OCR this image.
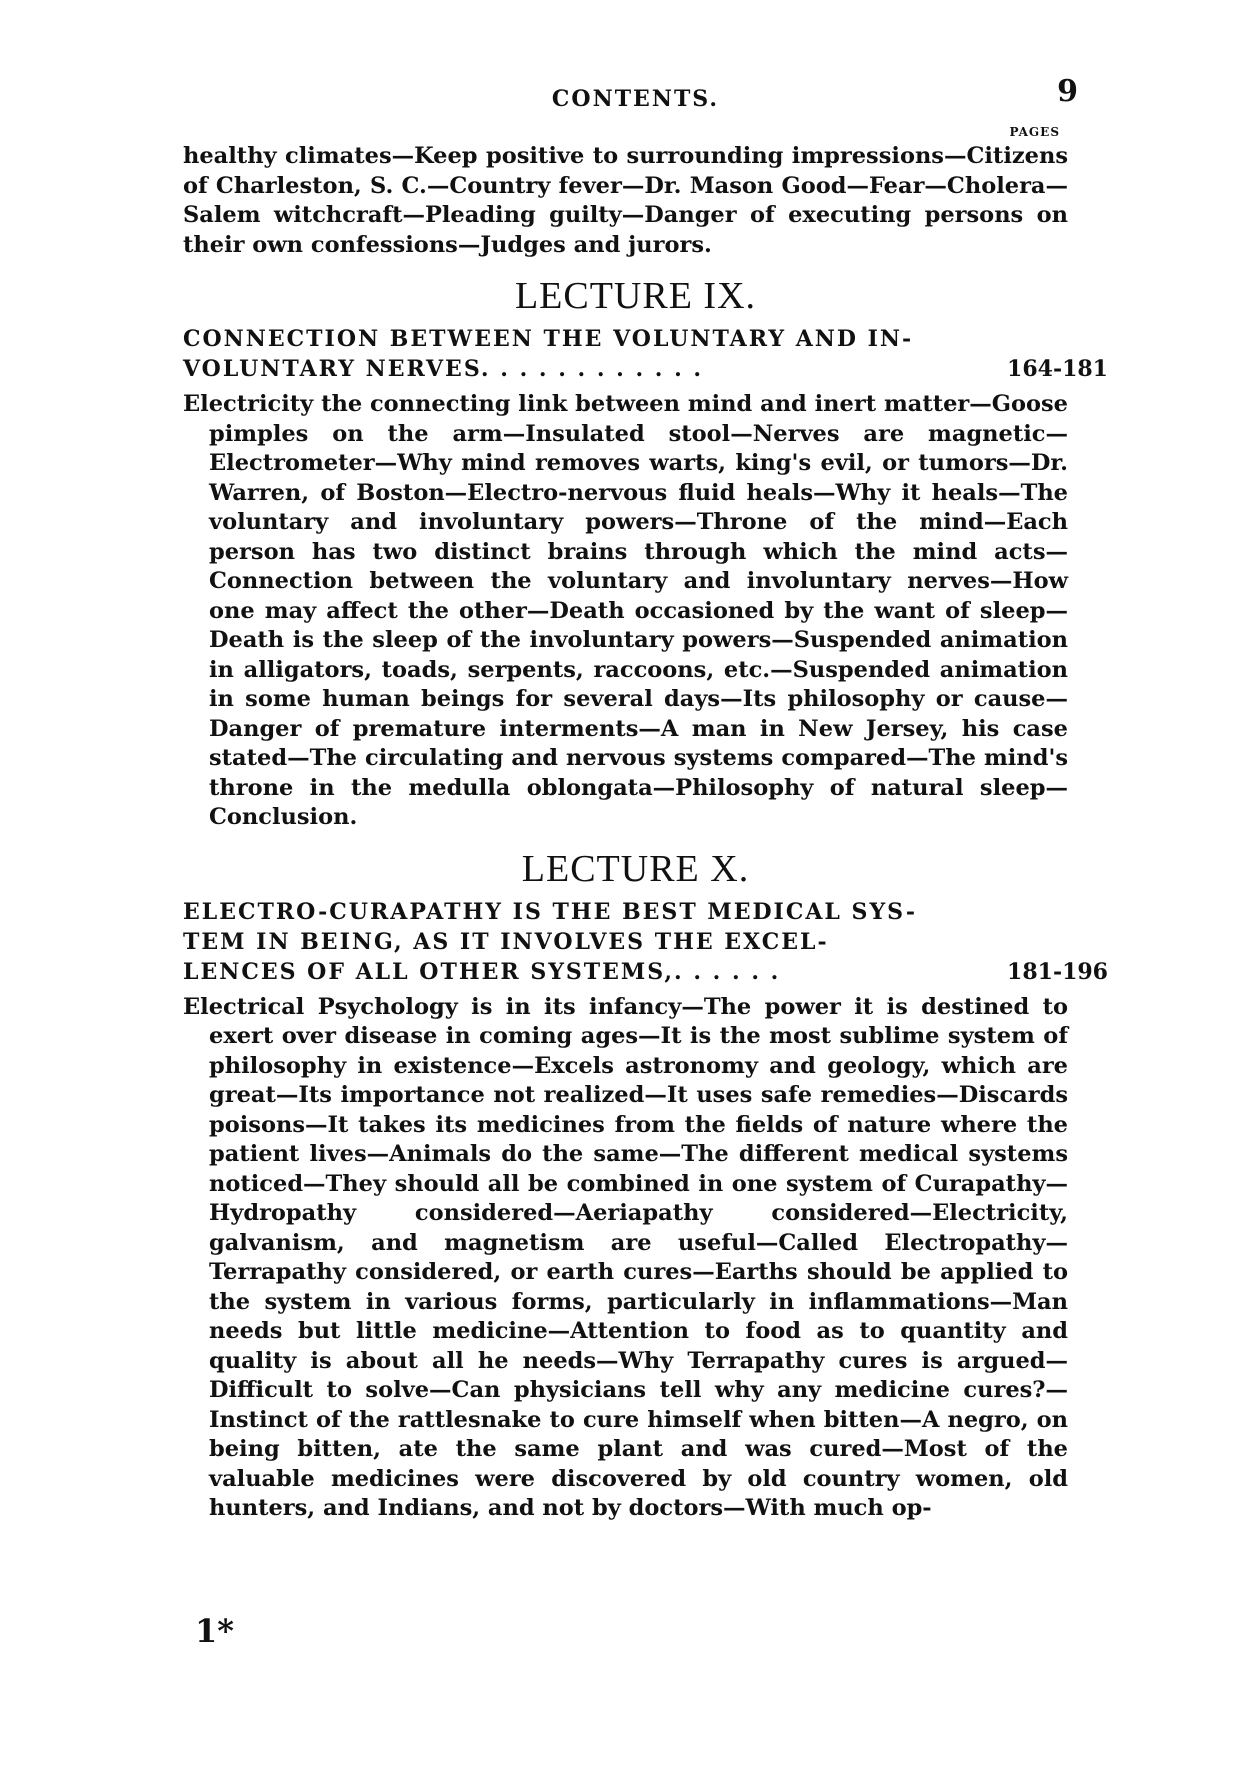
CONTENTS.	9
PAGES

healthy climates—Keep positive to surrounding impressions—Citizens of Charleston, S. C.—Country fever—Dr. Mason Good—Fear—Cholera—Salem witchcraft—Pleading guilty—Danger of executing persons on their own confessions—Judges and jurors.

LECTURE IX.
CONNECTION BETWEEN THE VOLUNTARY AND IN-
164-181
VOLUNTARY NERVES. . . . . . . . . . . .

Electricity the connecting link between mind and inert matter—Goose pimples on the arm—Insulated stool—Nerves are magnetic—Electrometer—Why mind removes warts, king's evil, or tumors—Dr. Warren, of Boston—Electro-nervous fluid heals—Why it heals—The voluntary and involuntary powers—Throne of the mind—Each person has two distinct brains through which the mind acts—Connection between the voluntary and involuntary nerves—How one may affect the other—Death occasioned by the want of sleep—Death is the sleep of the involuntary powers—Suspended animation in alligators, toads, serpents, raccoons, etc.—Suspended animation in some human beings for several days—Its philosophy or cause—Danger of premature interments—A man in New Jersey, his case stated—The circulating and nervous systems compared—The mind's throne in the medulla oblongata—Philosophy of natural sleep—Conclusion.

LECTURE X.
ELECTRO-CURAPATHY IS THE BEST MEDICAL SYS-
TEM IN BEING, AS IT INVOLVES THE EXCEL-
181-196
LENCES OF ALL OTHER SYSTEMS,. . . . . .

Electrical Psychology is in its infancy—The power it is destined to exert over disease in coming ages—It is the most sublime system of philosophy in existence—Excels astronomy and geology, which are great—Its importance not realized—It uses safe remedies—Discards poisons—It takes its medicines from the fields of nature where the patient lives—Animals do the same—The different medical systems noticed—They should all be combined in one system of Curapathy—Hydropathy considered—Aeriapathy considered—Electricity, galvanism, and magnetism are useful—Called Electropathy—Terrapathy considered, or earth cures—Earths should be applied to the system in various forms, particularly in inflammations—Man needs but little medicine—Attention to food as to quantity and quality is about all he needs—Why Terrapathy cures is argued—Difficult to solve—Can physicians tell why any medicine cures?—Instinct of the rattlesnake to cure himself when bitten—A negro, on being bitten, ate the same plant and was cured—Most of the valuable medicines were discovered by old country women, old hunters, and Indians, and not by doctors—With much op-

1*
